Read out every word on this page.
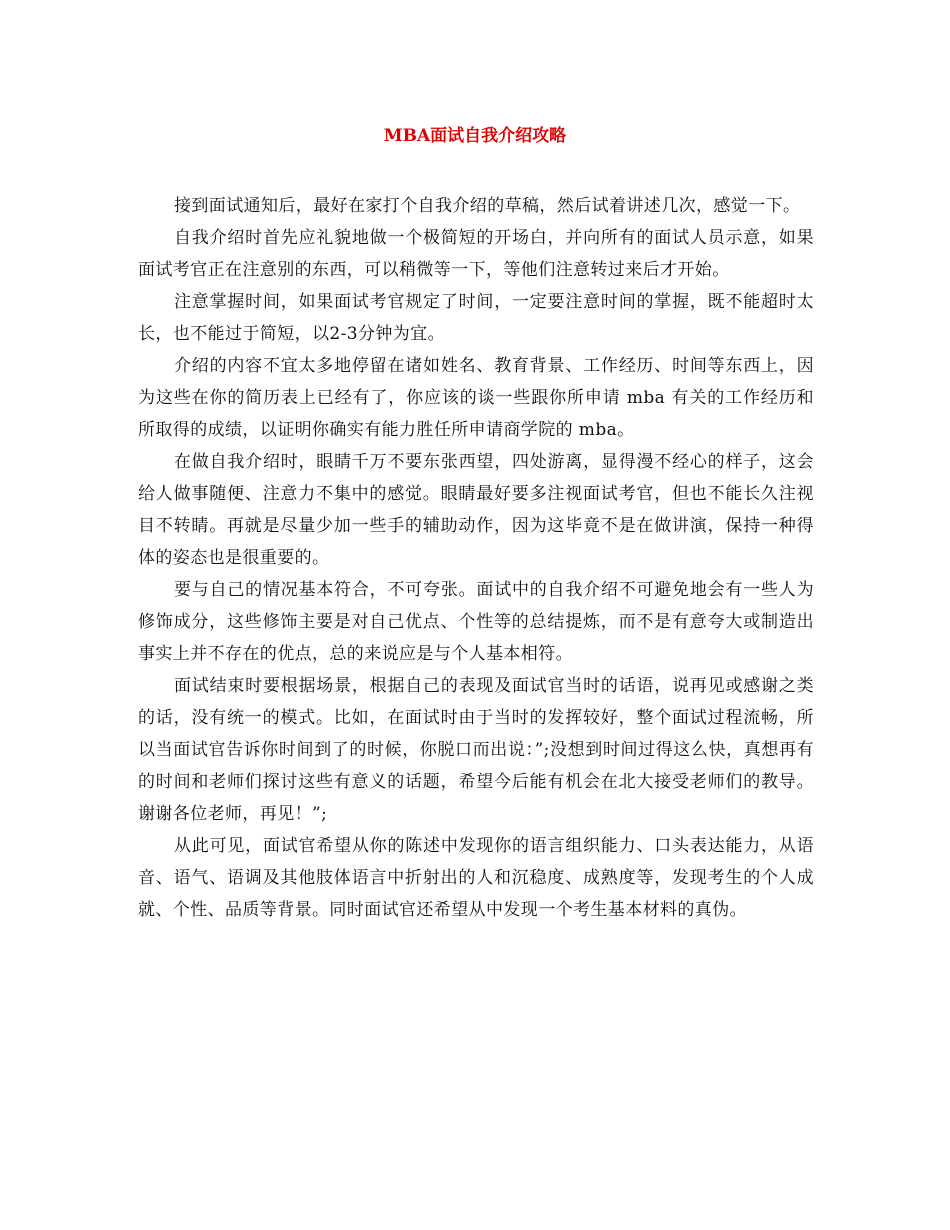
MBA面试自我介绍攻略

接到面试通知后，最好在家打个自我介绍的草稿，然后试着讲述几次，感觉一下。

自我介绍时首先应礼貌地做一个极简短的开场白，并向所有的面试人员示意，如果面试考官正在注意别的东西，可以稍微等一下，等他们注意转过来后才开始。

注意掌握时间，如果面试考官规定了时间，一定要注意时间的掌握，既不能超时太长，也不能过于简短，以2-3分钟为宜。

介绍的内容不宜太多地停留在诸如姓名、教育背景、工作经历、时间等东西上，因为这些在你的简历表上已经有了，你应该的谈一些跟你所申请 mba 有关的工作经历和所取得的成绩，以证明你确实有能力胜任所申请商学院的 mba。

在做自我介绍时，眼睛千万不要东张西望，四处游离，显得漫不经心的样子，这会给人做事随便、注意力不集中的感觉。眼睛最好要多注视面试考官，但也不能长久注视目不转睛。再就是尽量少加一些手的辅助动作，因为这毕竟不是在做讲演，保持一种得体的姿态也是很重要的。

要与自己的情况基本符合，不可夸张。面试中的自我介绍不可避免地会有一些人为修饰成分，这些修饰主要是对自己优点、个性等的总结提炼，而不是有意夸大或制造出事实上并不存在的优点，总的来说应是与个人基本相符。

面试结束时要根据场景，根据自己的表现及面试官当时的话语，说再见或感谢之类的话，没有统一的模式。比如，在面试时由于当时的发挥较好，整个面试过程流畅，所以当面试官告诉你时间到了的时候，你脱口而出说：”;没想到时间过得这么快，真想再有的时间和老师们探讨这些有意义的话题，希望今后能有机会在北大接受老师们的教导。谢谢各位老师，再见！”;

从此可见，面试官希望从你的陈述中发现你的语言组织能力、口头表达能力，从语音、语气、语调及其他肢体语言中折射出的人和沉稳度、成熟度等，发现考生的个人成就、个性、品质等背景。同时面试官还希望从中发现一个考生基本材料的真伪。
